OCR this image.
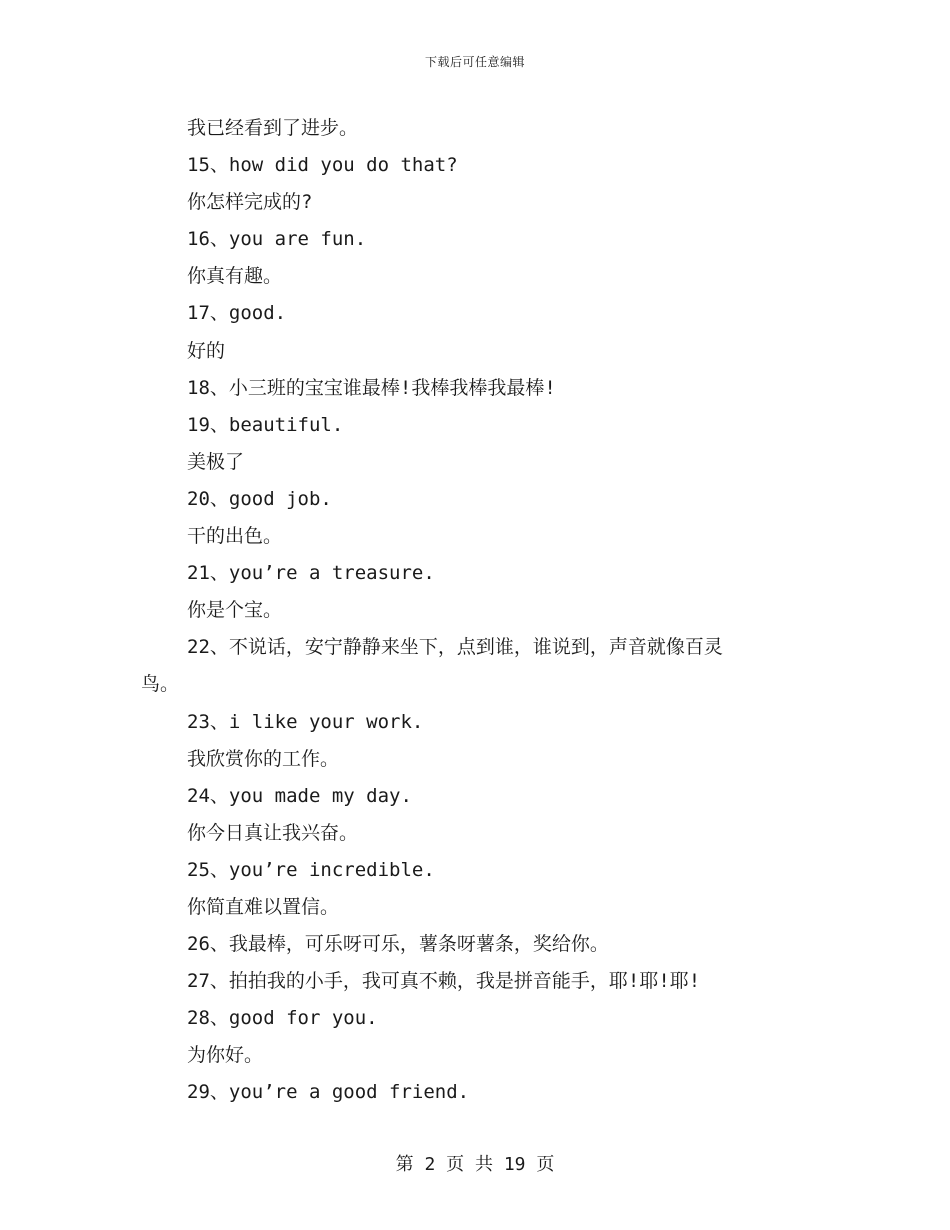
下载后可任意编辑
我已经看到了进步。
15、how did you do that?
你怎样完成的?
16、you are fun.
你真有趣。
17、good.
好的
18、小三班的宝宝谁最棒!我棒我棒我最棒!
19、beautiful.
美极了
20、good job.
干的出色。
21、you’re a treasure.
你是个宝。
22、不说话，安宁静静来坐下，点到谁，谁说到，声音就像百灵
鸟。
23、i like your work.
我欣赏你的工作。
24、you made my day.
你今日真让我兴奋。
25、you’re incredible.
你简直难以置信。
26、我最棒，可乐呀可乐，薯条呀薯条，奖给你。
27、拍拍我的小手，我可真不赖，我是拼音能手，耶!耶!耶!
28、good for you.
为你好。
29、you’re a good friend.
第 2 页 共 19 页
